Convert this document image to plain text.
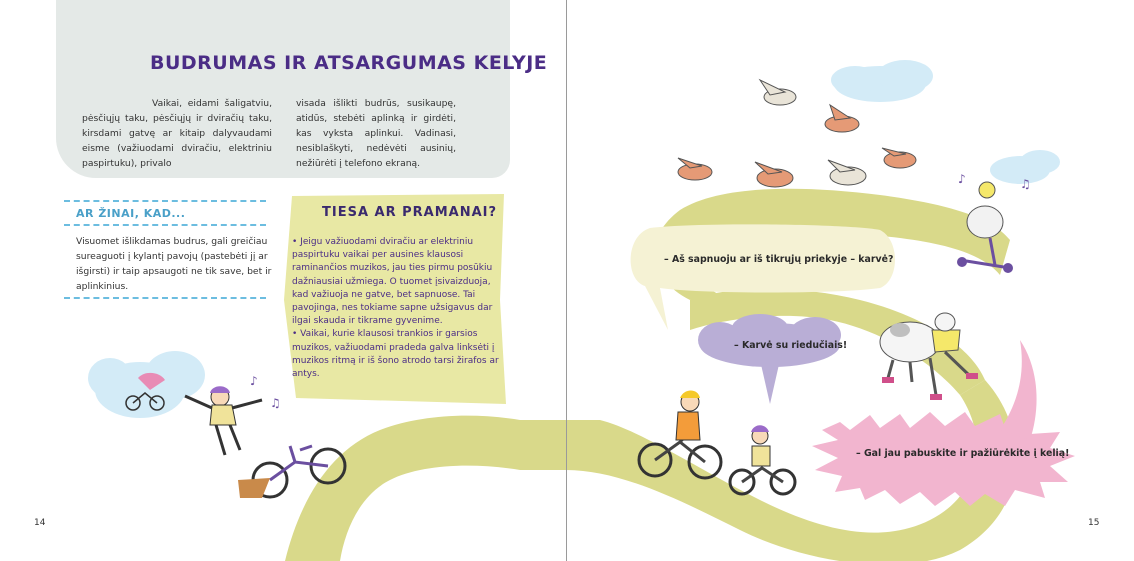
♪
♫
♪	♫
BUDRUMAS IR ATSARGUMAS KELYJE
Vaikai, eidami šaligatviu, pėsčiųjų taku, pėsčiųjų ir dviračių taku, kirsdami gatvę ar kitaip dalyvaudami eisme (važiuodami dviračiu, elektriniu paspirtuku), privalo
visada išlikti budrūs, susikaupę, atidūs, stebėti aplinką ir girdėti, kas vyksta aplinkui. Vadinasi, nesiblaškyti, nedėvėti ausinių, nežiūrėti į telefono ekraną.
AR ŽINAI, KAD...
Visuomet išlikdamas budrus, gali greičiau sureaguoti į kylantį pavojų (pastebėti jį ar išgirsti) ir taip apsaugoti ne tik save, bet ir aplinkinius.
TIESA AR PRAMANAI?

• Jeigu važiuodami dviračiu ar elektriniu paspirtuku vaikai per ausines klausosi raminančios muzikos, jau ties pirmu posūkiu dažniausiai užmiega. O tuomet įsivaizduoja, kad važiuoja ne gatve, bet sapnuose. Tai pavojinga, nes tokiame sapne užsigavus dar ilgai skauda ir tikrame gyvenime.

• Vaikai, kurie klausosi trankios ir garsios muzikos, važiuodami pradeda galva linksėti į muzikos ritmą ir iš šono atrodo tarsi žirafos ar antys.

– Aš sapnuoju ar iš tikrųjų priekyje – karvė?
– Karvė su riedučiais!
– Gal jau pabuskite ir pažiūrėkite į kelią!
14	15
